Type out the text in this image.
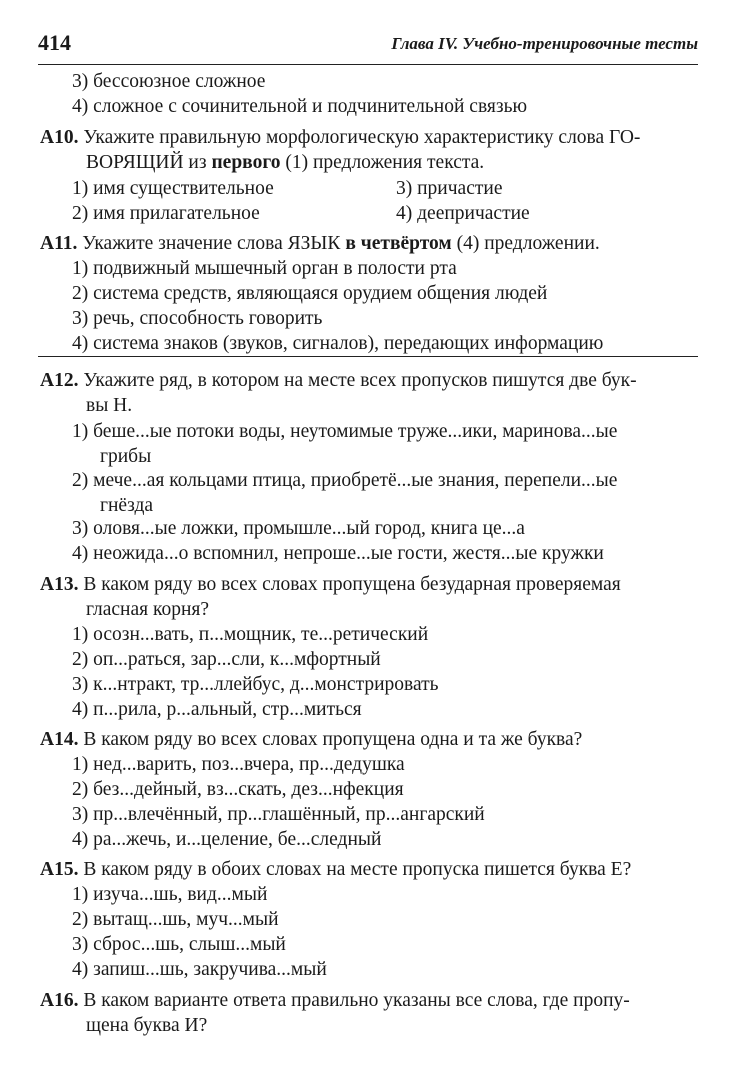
414	Глава IV. Учебно-тренировочные тесты
3) бессоюзное сложное
4) сложное с сочинительной и подчинительной связью
А10. Укажите правильную морфологическую характеристику слова ГО-
ВОРЯЩИЙ из первого (1) предложения текста.
1) имя существительное	3) причастие
2) имя прилагательное	4) деепричастие
А11. Укажите значение слова ЯЗЫК в четвёртом (4) предложении.
1) подвижный мышечный орган в полости рта
2) система средств, являющаяся орудием общения людей
3) речь, способность говорить
4) система знаков (звуков, сигналов), передающих информацию
А12. Укажите ряд, в котором на месте всех пропусков пишутся две бук-
вы Н.
1) беше...ые потоки воды, неутомимые труже...ики, маринова...ые
грибы
2) мече...ая кольцами птица, приобретё...ые знания, перепели...ые
гнёзда
3) оловя...ые ложки, промышле...ый город, книга це...а
4) неожида...о вспомнил, непроше...ые гости, жестя...ые кружки
А13. В каком ряду во всех словах пропущена безударная проверяемая
гласная корня?
1) осозн...вать, п...мощник, те...ретический
2) оп...раться, зар...сли, к...мфортный
3) к...нтракт, тр...ллейбус, д...монстрировать
4) п...рила, р...альный, стр...миться
А14. В каком ряду во всех словах пропущена одна и та же буква?
1) нед...варить, поз...вчера, пр...дедушка
2) без...дейный, вз...скать, дез...нфекция
3) пр...влечённый, пр...глашённый, пр...ангарский
4) ра...жечь, и...целение, бе...следный
А15. В каком ряду в обоих словах на месте пропуска пишется буква Е?
1) изуча...шь, вид...мый
2) вытащ...шь, муч...мый
3) сброс...шь, слыш...мый
4) запиш...шь, закручива...мый
А16. В каком варианте ответа правильно указаны все слова, где пропу-
щена буква И?
